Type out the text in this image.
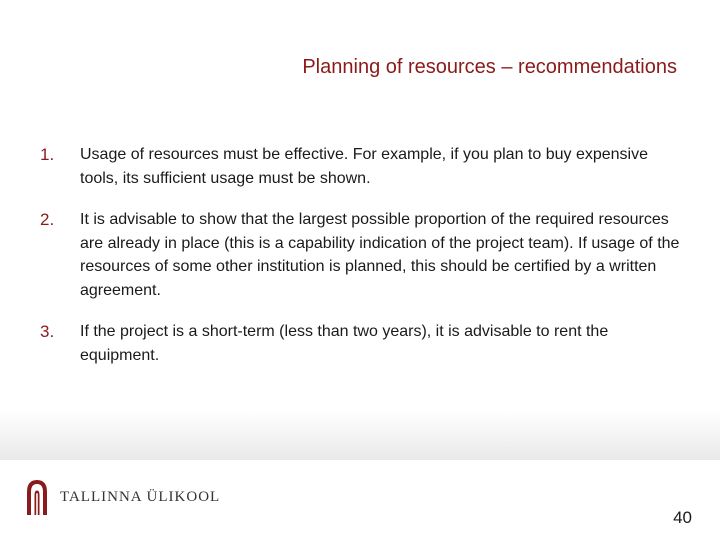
Planning of resources – recommendations
1. Usage of resources must be effective. For example, if you plan to buy expensive tools, its sufficient usage must be shown.
2. It is advisable to show that the largest possible proportion of the required resources are already in place (this is a capability indication of the project team). If usage of the resources of some other institution is planned, this should be certified by a written agreement.
3. If the project is a short-term (less than two years), it is advisable to rent the equipment.
TALLINNA ÜLIKOOL
40
